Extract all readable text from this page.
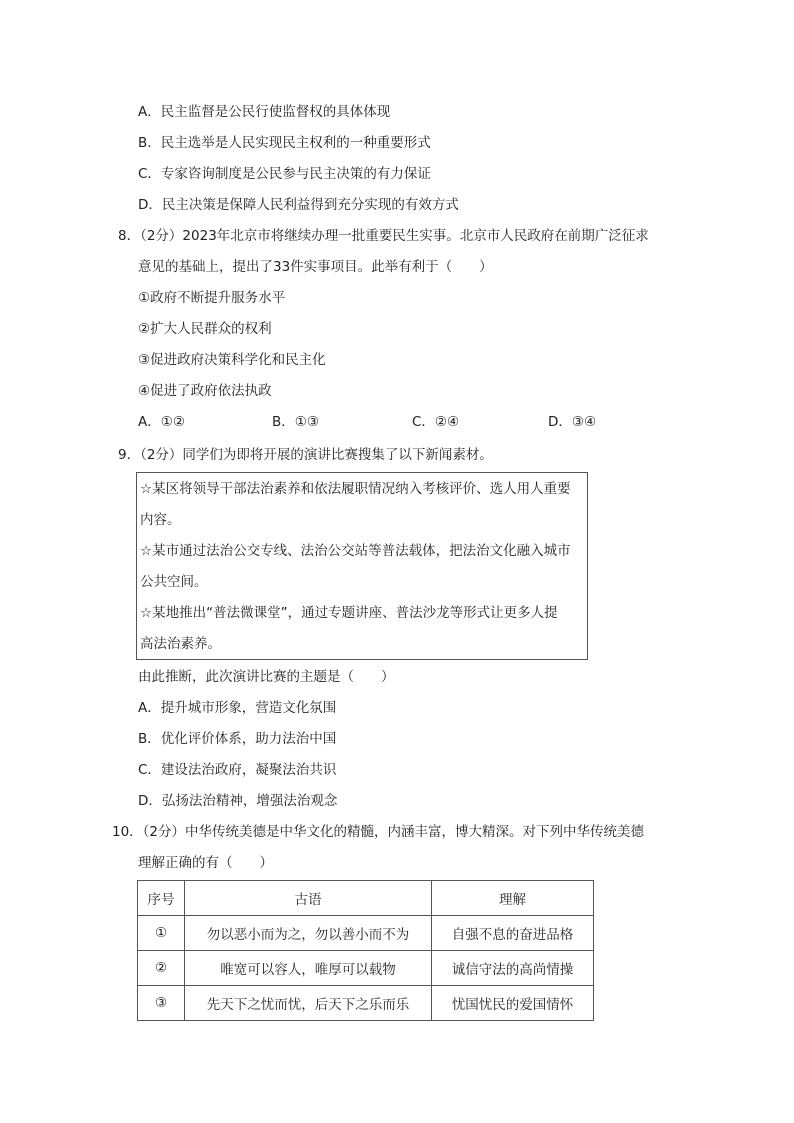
A．民主监督是公民行使监督权的具体体现
B．民主选举是人民实现民主权利的一种重要形式
C．专家咨询制度是公民参与民主决策的有力保证
D．民主决策是保障人民利益得到充分实现的有效方式
8．（2分）2023年北京市将继续办理一批重要民生实事。北京市人民政府在前期广泛征求
意见的基础上，提出了33件实事项目。此举有利于（　　）
①政府不断提升服务水平
②扩大人民群众的权利
③促进政府决策科学化和民主化
④促进了政府依法执政
A．①②	B．①③	C．②④	D．③④
9．（2分）同学们为即将开展的演讲比赛搜集了以下新闻素材。
☆某区将领导干部法治素养和依法履职情况纳入考核评价、选人用人重要
内容。
☆某市通过法治公交专线、法治公交站等普法载体，把法治文化融入城市
公共空间。
☆某地推出“普法微课堂”，通过专题讲座、普法沙龙等形式让更多人提
高法治素养。
由此推断，此次演讲比赛的主题是（　　）
A．提升城市形象，营造文化氛围
B．优化评价体系，助力法治中国
C．建设法治政府，凝聚法治共识
D．弘扬法治精神，增强法治观念
10．（2分）中华传统美德是中华文化的精髓，内涵丰富，博大精深。对下列中华传统美德
理解正确的有（　　）
序号	古语	理解
①	勿以恶小而为之，勿以善小而不为	自强不息的奋进品格
②	唯宽可以容人，唯厚可以载物	诚信守法的高尚情操
③	先天下之忧而忧，后天下之乐而乐	忧国忧民的爱国情怀
